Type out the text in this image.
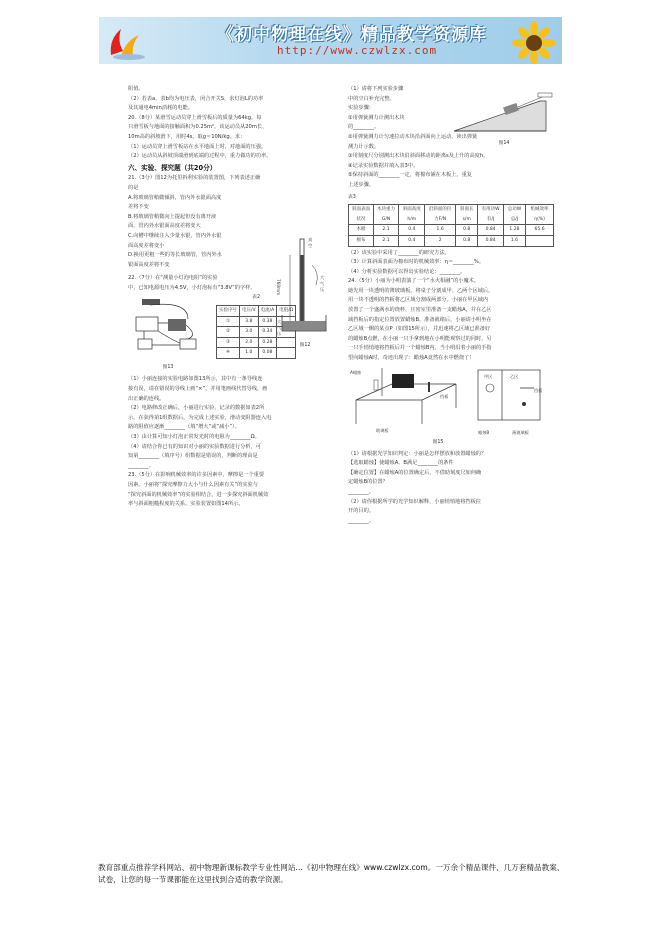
《初中物理在线》精品教学资源库
http://www.czwlzx.com
阻值。
（2）若表a、表b均为电压表，闭合开关S，求灯泡L的功率
及其通电4min消耗的电能。
20.（8分）某滑雪运动员穿上滑雪板后的质量为64kg。每
只滑雪板与地面的接触面积为0.25m²。该运动员从20m长、
10m高的斜坡滑下，用时4s。取g＝10N/kg。求：
（1）运动员穿上滑雪板站在水平地面上时，对地面的压强。
（2）运动员从斜坡顶端滑到底端的过程中，重力做功的功率。
六、实验、探究题（共20分）
21.（3分）图12为托里拆利实验的装置图，下列表述正确
的是
A.将玻璃管稍微倾斜，管内外水银面高度
差将不变
B.将玻璃管稍微向上提起但没有离开液
面，管内外水银面高度差将变大
C.向槽中继续注入少量水银，管内外水银
面高度差将变小
D.换用更粗一些的等长玻璃管，管内外水
银面高度差将不变
22.（7分）在“测量小灯泡电阻”的实验
中，已知电源电压为4.5V，小灯泡标有“3.8V”的字样。
图13
表2
实验序号	电压/V	电流/A	电阻/Ω
①	3.8	0.38	
②	3.0	0.34	
③	2.0	0.28	
④	1.0	0.08	
（1）小丽连接的实验电路如图13所示，其中有一条导线连
接有误，请在错误的导线上画“×”，并用笔画线代替导线，画
出正确的连线。
（2）电路修改正确后，小丽进行实验，记录的数据如表2所
示。在获得第1组数据后，为完成上述实验，滑动变阻器连入电
路的阻值应逐渐________（填“增大”或“减小”）。
（3）由计算可知小灯泡正常发光时的电阻为________Ω。
（4）请结合你已有的知识对小丽的实验数据进行分析，可
知第________（填序号）组数据是错误的，判断的理由是
________。
23.（5分）在影响机械效率的许多因素中，摩擦是一个重要
因素。小丽将“探究摩擦力大小与什么因素有关”的实验与
“探究斜面的机械效率”的实验相结合，进一步探究斜面机械效
率与斜面粗糙程度的关系。实验装置如图14所示。
760mm
真空
大气压
大气压
图12
（1）请将下列实验步骤
中的空白补充完整。
实验步骤：
①用弹簧测力计测出木块
的________。
②用弹簧测力计匀速拉动木块沿斜面向上运动，读出弹簧
测力计示数。
③用刻度尺分别测出木块沿斜面移动的距离s及上升的高度h。
④记录实验数据并填入表3中。
⑤保持斜面的________一定，将棉布铺在木板上，重复
上述步骤。
表3
斜面表面状况	木块重力G/N	斜面高度h/m	沿斜面的拉力F/N	斜面长s/m	有用功W有/J	总功W总/J	机械效率η(%)
木板	2.1	0.4	1.6	0.8	0.84	1.28	65.6
棉布	2.1	0.4	2	0.8	0.84	1.6	
（2）该实验中采用了________的研究方法。
（3）计算斜面表面为棉布时的机械效率：η＝________%。
（4）分析实验数据可以得出实验结论：________。
24.（5分）小丽为小明表演了一个“水火相融”的小魔术。
她先用一块透明的薄玻璃板，将桌子分割成甲、乙两个区域后，
用一块不透明的挡板将乙区域分割成两部分。小丽在甲区域内
放置了一个盛满水的烧杯，且密室里准备一支蜡烛A，并在乙区
域挡板后的指定位置放置蜡烛B。准备就绪后，小丽请小明坐在
乙区域一侧的某点P（如图15所示），并迅速将乙区域已准备好
的蜡烛B点燃，在小丽一只手拿到地在小明能观察过的同时，另
一只手悄悄地将挡板后并一个蜡烛B内，当小明沿着小丽的手指
望向蜡烛A时，奇迹出现了：蜡烛A竟然在水中燃烧了！
A蜡烛
玻璃板
挡板
甲区	乙区
挡板
薄玻璃板
蜡烛B
图15
（1）请根据光学知识判定：小丽是怎样摆放和放置蜡烛的？
【选取蜡烛】使蜡烛A、B满足________的条件
【确定位置】在蜡烛A的位置确定后，不借助刻度尺如何确
定蜡烛B的位置？
________。
（2）请你根据所学的光学知识解释，小丽悄悄地将挡板拉
开的目的。
________。
图14
教育部重点推荐学科网站、初中物理新课标教学专业性网站…《初中物理在线》www.czwlzx.com。一万余个精品课件、几万套精品教案、试卷，让您的每一节课都能在这里找到合适的教学资源。
